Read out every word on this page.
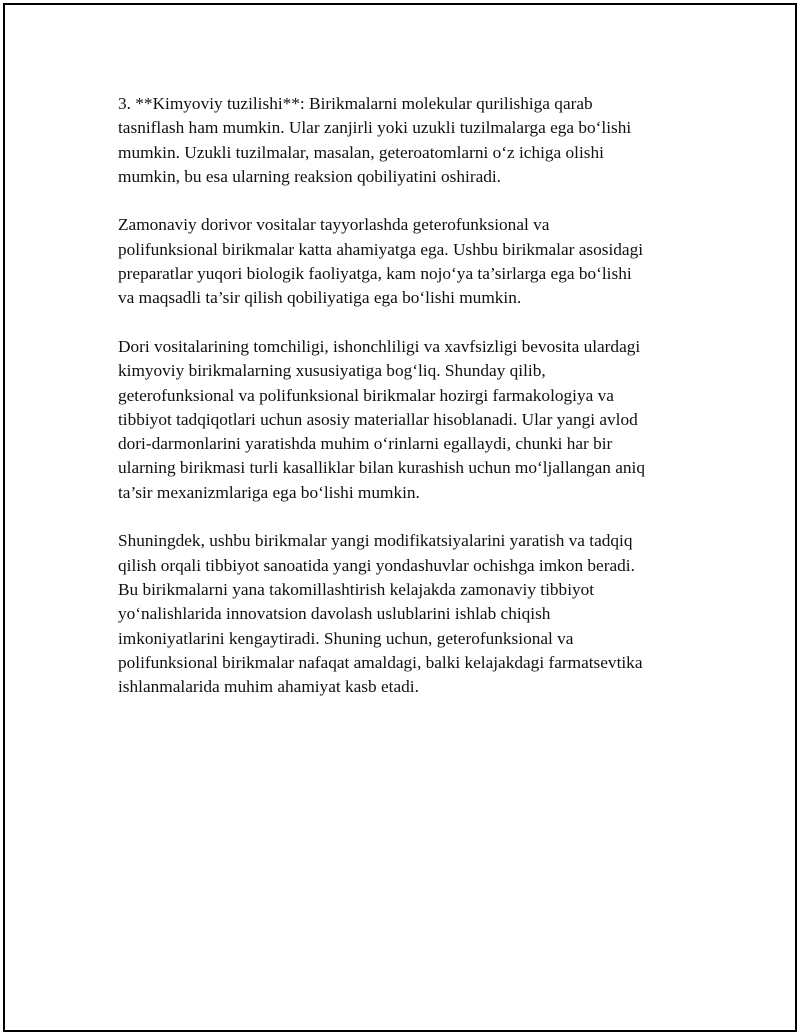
3. **Kimyoviy tuzilishi**: Birikmalarni molekular qurilishiga qarab
tasniflash ham mumkin. Ular zanjirli yoki uzukli tuzilmalarga ega bo‘lishi
mumkin. Uzukli tuzilmalar, masalan, geteroatomlarni o‘z ichiga olishi
mumkin, bu esa ularning reaksion qobiliyatini oshiradi.

Zamonaviy dorivor vositalar tayyorlashda geterofunksional va
polifunksional birikmalar katta ahamiyatga ega. Ushbu birikmalar asosidagi
preparatlar yuqori biologik faoliyatga, kam nojo‘ya ta’sirlarga ega bo‘lishi
va maqsadli ta’sir qilish qobiliyatiga ega bo‘lishi mumkin.

Dori vositalarining tomchiligi, ishonchliligi va xavfsizligi bevosita ulardagi
kimyoviy birikmalarning xususiyatiga bog‘liq. Shunday qilib,
geterofunksional va polifunksional birikmalar hozirgi farmakologiya va
tibbiyot tadqiqotlari uchun asosiy materiallar hisoblanadi. Ular yangi avlod
dori-darmonlarini yaratishda muhim o‘rinlarni egallaydi, chunki har bir
ularning birikmasi turli kasalliklar bilan kurashish uchun mo‘ljallangan aniq
ta’sir mexanizmlariga ega bo‘lishi mumkin.

Shuningdek, ushbu birikmalar yangi modifikatsiyalarini yaratish va tadqiq
qilish orqali tibbiyot sanoatida yangi yondashuvlar ochishga imkon beradi.
Bu birikmalarni yana takomillashtirish kelajakda zamonaviy tibbiyot
yo‘nalishlarida innovatsion davolash uslublarini ishlab chiqish
imkoniyatlarini kengaytiradi. Shuning uchun, geterofunksional va
polifunksional birikmalar nafaqat amaldagi, balki kelajakdagi farmatsevtika
ishlanmalarida muhim ahamiyat kasb etadi.
